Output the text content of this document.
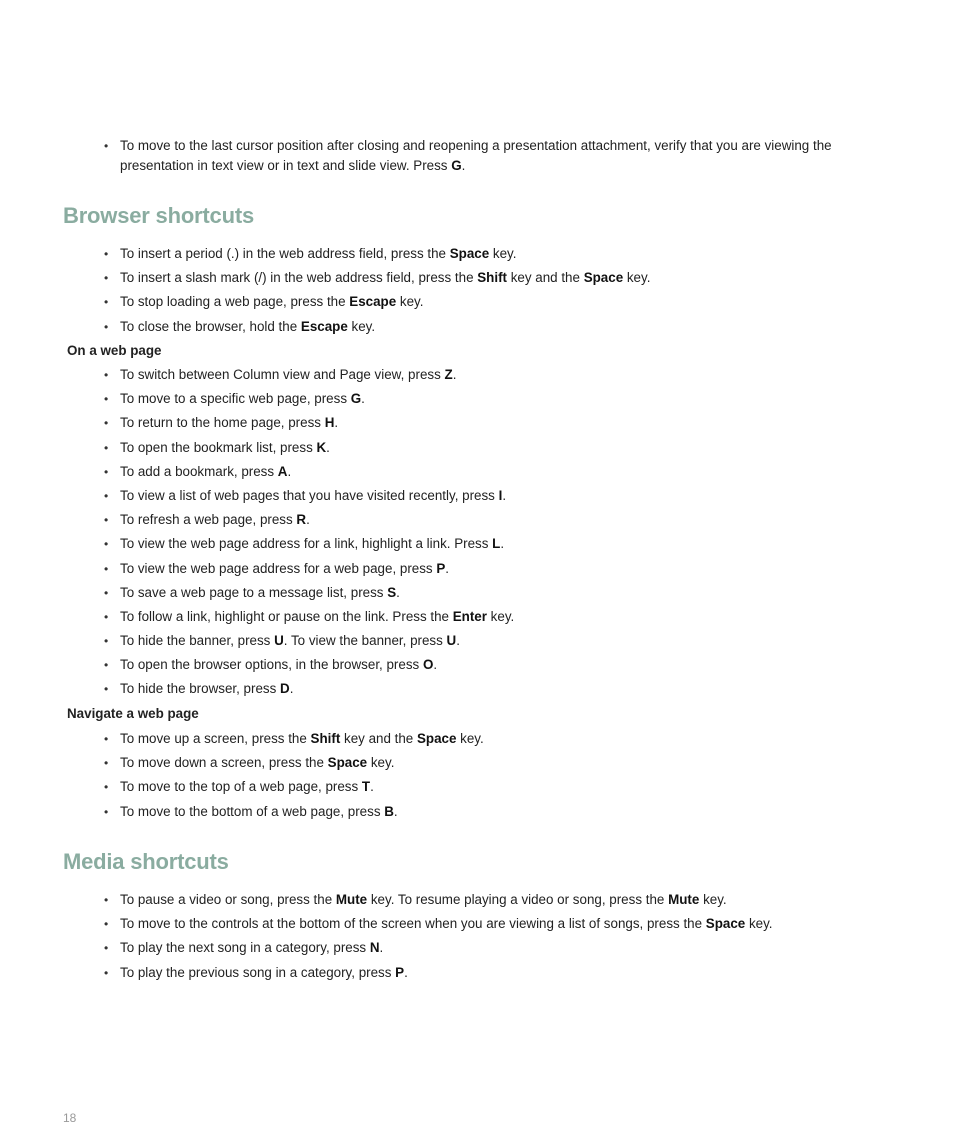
• To move to the last cursor position after closing and reopening a presentation attachment, verify that you are viewing the presentation in text view or in text and slide view. Press G.
Browser shortcuts
• To insert a period (.) in the web address field, press the Space key.
• To insert a slash mark (/) in the web address field, press the Shift key and the Space key.
• To stop loading a web page, press the Escape key.
• To close the browser, hold the Escape key.
On a web page
• To switch between Column view and Page view, press Z.
• To move to a specific web page, press G.
• To return to the home page, press H.
• To open the bookmark list, press K.
• To add a bookmark, press A.
• To view a list of web pages that you have visited recently, press I.
• To refresh a web page, press R.
• To view the web page address for a link, highlight a link. Press L.
• To view the web page address for a web page, press P.
• To save a web page to a message list, press S.
• To follow a link, highlight or pause on the link. Press the Enter key.
• To hide the banner, press U. To view the banner, press U.
• To open the browser options, in the browser, press O.
• To hide the browser, press D.
Navigate a web page
• To move up a screen, press the Shift key and the Space key.
• To move down a screen, press the Space key.
• To move to the top of a web page, press T.
• To move to the bottom of a web page, press B.
Media shortcuts
• To pause a video or song, press the Mute key. To resume playing a video or song, press the Mute key.
• To move to the controls at the bottom of the screen when you are viewing a list of songs, press the Space key.
• To play the next song in a category, press N.
• To play the previous song in a category, press P.
18
